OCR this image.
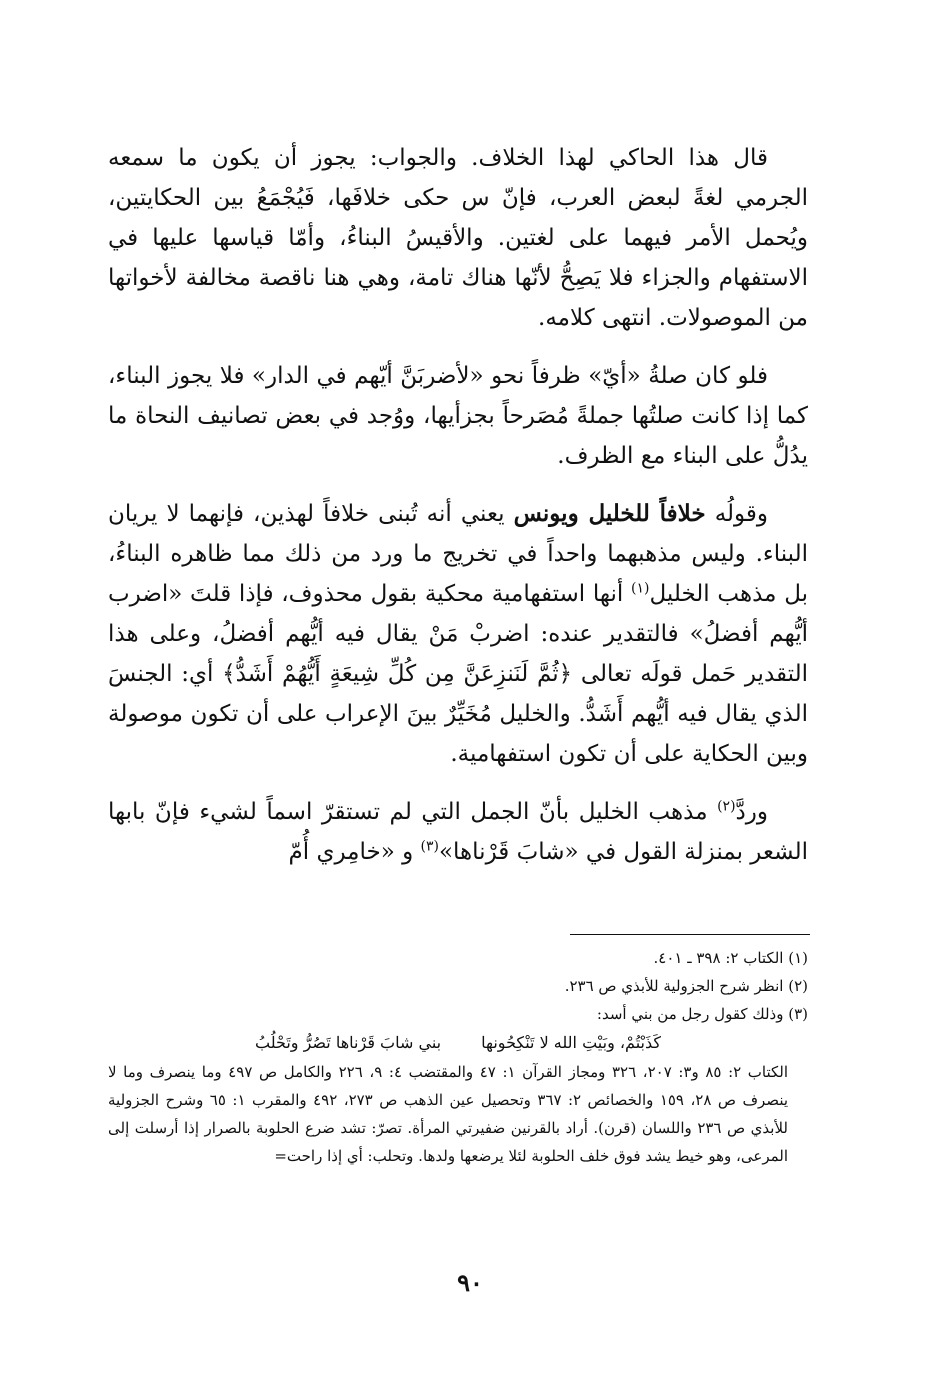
قال هذا الحاكي لهذا الخلاف. والجواب: يجوز أن يكون ما سمعه الجرمي لغةً لبعض العرب، فإنّ س حكى خلافَها، فَيُجْمَعُ بين الحكايتين، ويُحمل الأمر فيهما على لغتين. والأقيسُ البناءُ، وأمّا قياسها عليها في الاستفهام والجزاء فلا يَصِحُّ لأنّها هناك تامة، وهي هنا ناقصة مخالفة لأخواتها من الموصولات. انتهى كلامه.

فلو كان صلةُ «أيّ» ظرفاً نحو «لأضربَنَّ أيّهم في الدار» فلا يجوز البناء، كما إذا كانت صلتُها جملةً مُصَرحاً بجزأيها، ووُجد في بعض تصانيف النحاة ما يدُلُّ على البناء مع الظرف.

وقولُه خلافاً للخليل ويونس يعني أنه تُبنى خلافاً لهذين، فإنهما لا يريان البناء. وليس مذهبهما واحداً في تخريج ما ورد من ذلك مما ظاهره البناءُ، بل مذهب الخليل$^{(١)}$ أنها استفهامية محكية بقول محذوف، فإذا قلتَ «اضرب أيُّهم أفضلُ» فالتقدير عنده: اضربْ مَنْ يقال فيه أيُّهم أفضلُ، وعلى هذا التقدير حَمل قولَه تعالى ﴿ثُمَّ لَنَنزِعَنَّ مِن كُلِّ شِيعَةٍ أَيُّهُمْ أَشَدُّ﴾ أي: الجنسَ الذي يقال فيه أيُّهم أَشَدُّ. والخليل مُخَيِّرٌ بينَ الإعراب على أن تكون موصولة وبين الحكاية على أن تكون استفهامية.

وردَّ$^{(٢)}$ مذهب الخليل بأنّ الجمل التي لم تستقرّ اسماً لشيء فإنّ بابها الشعر بمنزلة القول في «شابَ قَرْناها»$^{(٣)}$ و «خامِري أُمّ

(١) الكتاب ٢: ٣٩٨ ـ ٤٠١.

(٢) انظر شرح الجزولية للأبذي ص ٢٣٦.

(٣) وذلك كقول رجل من بني أسد:

كَذَبْتُمْ، وبَيْتِ الله لا تَنْكِحُونها
بني شابَ قَرْناها تَصُرُّ وتَحْلُبُ

الكتاب ٢: ٨٥ و٣: ٢٠٧، ٣٢٦ ومجاز القرآن ١: ٤٧ والمقتضب ٤: ٩، ٢٢٦ والكامل ص ٤٩٧ وما ينصرف وما لا ينصرف ص ٢٨، ١٥٩ والخصائص ٢: ٣٦٧ وتحصيل عين الذهب ص ٢٧٣، ٤٩٢ والمقرب ١: ٦٥ وشرح الجزولية للأبذي ص ٢٣٦ واللسان (قرن). أراد بالقرنين ضفيرتي المرأة. تصرّ: تشد ضرع الحلوبة بالصرار إذا أرسلت إلى المرعى، وهو خيط يشد فوق خلف الحلوبة لئلا يرضعها ولدها. وتحلب: أي إذا راحت=

٩٠
